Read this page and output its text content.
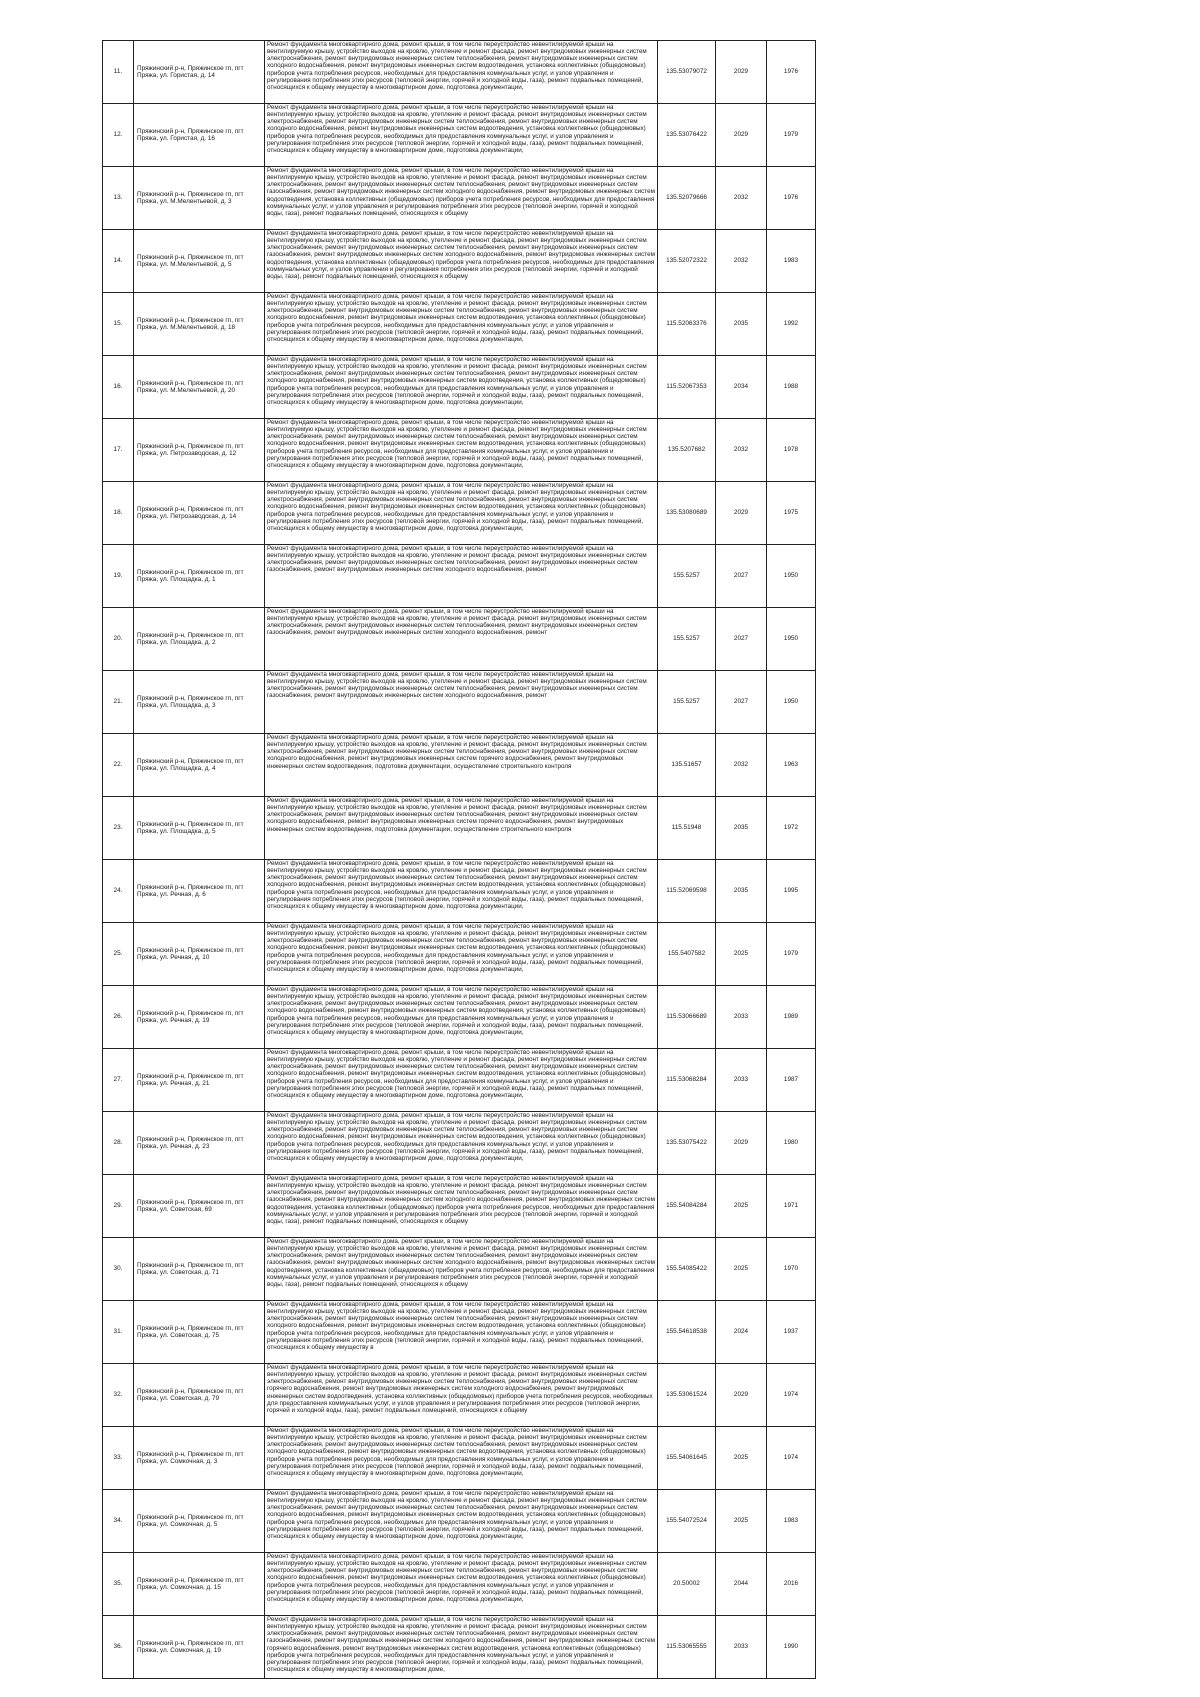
11.	Пряжинский р-н, Пряжинское гп, пгт Пряжа, ул. Гористая, д. 14	Ремонт фундамента многоквартирного дома, ремонт крыши, в том числе переустройство невентилируемой крыши на вентилируемую крышу, устройство выходов на кровлю, утепление и ремонт фасада, ремонт внутридомовых инженерных систем электроснабжения, ремонт внутридомовых инженерных систем теплоснабжения, ремонт внутридомовых инженерных систем холодного водоснабжения, ремонт внутридомовых инженерных систем водоотведения, установка коллективных (общедомовых) приборов учета потребления ресурсов, необходимых для предоставления коммунальных услуг, и узлов управления и регулирования потребления этих ресурсов (тепловой энергии, горячей и холодной воды, газа), ремонт подвальных помещений, относящихся к общему имуществу в многоквартирном доме, подготовка документации,	135.53079072	2029	1976
12.	Пряжинский р-н, Пряжинское гп, пгт Пряжа, ул. Гористая, д. 16	Ремонт фундамента многоквартирного дома, ремонт крыши, в том числе переустройство невентилируемой крыши на вентилируемую крышу, устройство выходов на кровлю, утепление и ремонт фасада, ремонт внутридомовых инженерных систем электроснабжения, ремонт внутридомовых инженерных систем теплоснабжения, ремонт внутридомовых инженерных систем холодного водоснабжения, ремонт внутридомовых инженерных систем водоотведения, установка коллективных (общедомовых) приборов учета потребления ресурсов, необходимых для предоставления коммунальных услуг, и узлов управления и регулирования потребления этих ресурсов (тепловой энергии, горячей и холодной воды, газа), ремонт подвальных помещений, относящихся к общему имуществу в многоквартирном доме, подготовка документации,	135.53076422	2029	1979
13.	Пряжинский р-н, Пряжинское гп, пгт Пряжа, ул. М.Мелентьевой, д. 3	Ремонт фундамента многоквартирного дома, ремонт крыши, в том числе переустройство невентилируемой крыши на вентилируемую крышу, устройство выходов на кровлю, утепление и ремонт фасада, ремонт внутридомовых инженерных систем электроснабжения, ремонт внутридомовых инженерных систем теплоснабжения, ремонт внутридомовых инженерных систем газоснабжения, ремонт внутридомовых инженерных систем холодного водоснабжения, ремонт внутридомовых инженерных систем водоотведения, установка коллективных (общедомовых) приборов учета потребления ресурсов, необходимых для предоставления коммунальных услуг, и узлов управления и регулирования потребления этих ресурсов (тепловой энергии, горячей и холодной воды, газа), ремонт подвальных помещений, относящихся к общему	135.52079666	2032	1976
14.	Пряжинский р-н, Пряжинское гп, пгт Пряжа, ул. М.Мелентьевой, д. 5	Ремонт фундамента многоквартирного дома, ремонт крыши, в том числе переустройство невентилируемой крыши на вентилируемую крышу, устройство выходов на кровлю, утепление и ремонт фасада, ремонт внутридомовых инженерных систем электроснабжения, ремонт внутридомовых инженерных систем теплоснабжения, ремонт внутридомовых инженерных систем газоснабжения, ремонт внутридомовых инженерных систем холодного водоснабжения, ремонт внутридомовых инженерных систем водоотведения, установка коллективных (общедомовых) приборов учета потребления ресурсов, необходимых для предоставления коммунальных услуг, и узлов управления и регулирования потребления этих ресурсов (тепловой энергии, горячей и холодной воды, газа), ремонт подвальных помещений, относящихся к общему	135.52072322	2032	1983
15.	Пряжинский р-н, Пряжинское гп, пгт Пряжа, ул. М.Мелентьевой, д. 18	Ремонт фундамента многоквартирного дома, ремонт крыши, в том числе переустройство невентилируемой крыши на вентилируемую крышу, устройство выходов на кровлю, утепление и ремонт фасада, ремонт внутридомовых инженерных систем электроснабжения, ремонт внутридомовых инженерных систем теплоснабжения, ремонт внутридомовых инженерных систем холодного водоснабжения, ремонт внутридомовых инженерных систем водоотведения, установка коллективных (общедомовых) приборов учета потребления ресурсов, необходимых для предоставления коммунальных услуг, и узлов управления и регулирования потребления этих ресурсов (тепловой энергии, горячей и холодной воды, газа), ремонт подвальных помещений, относящихся к общему имуществу в многоквартирном доме, подготовка документации,	115.52063376	2035	1992
16.	Пряжинский р-н, Пряжинское гп, пгт Пряжа, ул. М.Мелентьевой, д. 20	Ремонт фундамента многоквартирного дома, ремонт крыши, в том числе переустройство невентилируемой крыши на вентилируемую крышу, устройство выходов на кровлю, утепление и ремонт фасада, ремонт внутридомовых инженерных систем электроснабжения, ремонт внутридомовых инженерных систем теплоснабжения, ремонт внутридомовых инженерных систем холодного водоснабжения, ремонт внутридомовых инженерных систем водоотведения, установка коллективных (общедомовых) приборов учета потребления ресурсов, необходимых для предоставления коммунальных услуг, и узлов управления и регулирования потребления этих ресурсов (тепловой энергии, горячей и холодной воды, газа), ремонт подвальных помещений, относящихся к общему имуществу в многоквартирном доме, подготовка документации,	115.52067353	2034	1988
17.	Пряжинский р-н, Пряжинское гп, пгт Пряжа, ул. Петрозаводская, д. 12	Ремонт фундамента многоквартирного дома, ремонт крыши, в том числе переустройство невентилируемой крыши на вентилируемую крышу, устройство выходов на кровлю, утепление и ремонт фасада, ремонт внутридомовых инженерных систем электроснабжения, ремонт внутридомовых инженерных систем теплоснабжения, ремонт внутридомовых инженерных систем холодного водоснабжения, ремонт внутридомовых инженерных систем водоотведения, установка коллективных (общедомовых) приборов учета потребления ресурсов, необходимых для предоставления коммунальных услуг, и узлов управления и регулирования потребления этих ресурсов (тепловой энергии, горячей и холодной воды, газа), ремонт подвальных помещений, относящихся к общему имуществу в многоквартирном доме, подготовка документации,	135.5207682	2032	1978
18.	Пряжинский р-н, Пряжинское гп, пгт Пряжа, ул. Петрозаводская, д. 14	Ремонт фундамента многоквартирного дома, ремонт крыши, в том числе переустройство невентилируемой крыши на вентилируемую крышу, устройство выходов на кровлю, утепление и ремонт фасада, ремонт внутридомовых инженерных систем электроснабжения, ремонт внутридомовых инженерных систем теплоснабжения, ремонт внутридомовых инженерных систем холодного водоснабжения, ремонт внутридомовых инженерных систем водоотведения, установка коллективных (общедомовых) приборов учета потребления ресурсов, необходимых для предоставления коммунальных услуг, и узлов управления и регулирования потребления этих ресурсов (тепловой энергии, горячей и холодной воды, газа), ремонт подвальных помещений, относящихся к общему имуществу в многоквартирном доме, подготовка документации,	135.53080689	2029	1975
19.	Пряжинский р-н, Пряжинское гп, пгт Пряжа, ул. Площадка, д. 1	Ремонт фундамента многоквартирного дома, ремонт крыши, в том числе переустройство невентилируемой крыши на вентилируемую крышу, устройство выходов на кровлю, утепление и ремонт фасада, ремонт внутридомовых инженерных систем электроснабжения, ремонт внутридомовых инженерных систем теплоснабжения, ремонт внутридомовых инженерных систем газоснабжения, ремонт внутридомовых инженерных систем холодного водоснабжения, ремонт	155.5257	2027	1950
20.	Пряжинский р-н, Пряжинское гп, пгт Пряжа, ул. Площадка, д. 2	Ремонт фундамента многоквартирного дома, ремонт крыши, в том числе переустройство невентилируемой крыши на вентилируемую крышу, устройство выходов на кровлю, утепление и ремонт фасада, ремонт внутридомовых инженерных систем электроснабжения, ремонт внутридомовых инженерных систем теплоснабжения, ремонт внутридомовых инженерных систем газоснабжения, ремонт внутридомовых инженерных систем холодного водоснабжения, ремонт	155.5257	2027	1950
21.	Пряжинский р-н, Пряжинское гп, пгт Пряжа, ул. Площадка, д. 3	Ремонт фундамента многоквартирного дома, ремонт крыши, в том числе переустройство невентилируемой крыши на вентилируемую крышу, устройство выходов на кровлю, утепление и ремонт фасада, ремонт внутридомовых инженерных систем электроснабжения, ремонт внутридомовых инженерных систем теплоснабжения, ремонт внутридомовых инженерных систем газоснабжения, ремонт внутридомовых инженерных систем холодного водоснабжения, ремонт	155.5257	2027	1950
22.	Пряжинский р-н, Пряжинское гп, пгт Пряжа, ул. Площадка, д. 4	Ремонт фундамента многоквартирного дома, ремонт крыши, в том числе переустройство невентилируемой крыши на вентилируемую крышу, устройство выходов на кровлю, утепление и ремонт фасада, ремонт внутридомовых инженерных систем электроснабжения, ремонт внутридомовых инженерных систем теплоснабжения, ремонт внутридомовых инженерных систем холодного водоснабжения, ремонт внутридомовых инженерных систем горячего водоснабжения, ремонт внутридомовых инженерных систем водоотведения, подготовка документации, осуществление строительного контроля	135.51657	2032	1963
23.	Пряжинский р-н, Пряжинское гп, пгт Пряжа, ул. Площадка, д. 5	Ремонт фундамента многоквартирного дома, ремонт крыши, в том числе переустройство невентилируемой крыши на вентилируемую крышу, устройство выходов на кровлю, утепление и ремонт фасада, ремонт внутридомовых инженерных систем электроснабжения, ремонт внутридомовых инженерных систем теплоснабжения, ремонт внутридомовых инженерных систем холодного водоснабжения, ремонт внутридомовых инженерных систем горячего водоснабжения, ремонт внутридомовых инженерных систем водоотведения, подготовка документации, осуществление строительного контроля	115.51948	2035	1972
24.	Пряжинский р-н, Пряжинское гп, пгт Пряжа, ул. Речная, д. 6	Ремонт фундамента многоквартирного дома, ремонт крыши, в том числе переустройство невентилируемой крыши на вентилируемую крышу, устройство выходов на кровлю, утепление и ремонт фасада, ремонт внутридомовых инженерных систем электроснабжения, ремонт внутридомовых инженерных систем теплоснабжения, ремонт внутридомовых инженерных систем холодного водоснабжения, ремонт внутридомовых инженерных систем водоотведения, установка коллективных (общедомовых) приборов учета потребления ресурсов, необходимых для предоставления коммунальных услуг, и узлов управления и регулирования потребления этих ресурсов (тепловой энергии, горячей и холодной воды, газа), ремонт подвальных помещений, относящихся к общему имуществу в многоквартирном доме, подготовка документации,	115.52069598	2035	1995
25.	Пряжинский р-н, Пряжинское гп, пгт Пряжа, ул. Речная, д. 10	Ремонт фундамента многоквартирного дома, ремонт крыши, в том числе переустройство невентилируемой крыши на вентилируемую крышу, устройство выходов на кровлю, утепление и ремонт фасада, ремонт внутридомовых инженерных систем электроснабжения, ремонт внутридомовых инженерных систем теплоснабжения, ремонт внутридомовых инженерных систем холодного водоснабжения, ремонт внутридомовых инженерных систем водоотведения, установка коллективных (общедомовых) приборов учета потребления ресурсов, необходимых для предоставления коммунальных услуг, и узлов управления и регулирования потребления этих ресурсов (тепловой энергии, горячей и холодной воды, газа), ремонт подвальных помещений, относящихся к общему имуществу в многоквартирном доме, подготовка документации,	155.5407582	2025	1979
26.	Пряжинский р-н, Пряжинское гп, пгт Пряжа, ул. Речная, д. 19	Ремонт фундамента многоквартирного дома, ремонт крыши, в том числе переустройство невентилируемой крыши на вентилируемую крышу, устройство выходов на кровлю, утепление и ремонт фасада, ремонт внутридомовых инженерных систем электроснабжения, ремонт внутридомовых инженерных систем теплоснабжения, ремонт внутридомовых инженерных систем холодного водоснабжения, ремонт внутридомовых инженерных систем водоотведения, установка коллективных (общедомовых) приборов учета потребления ресурсов, необходимых для предоставления коммунальных услуг, и узлов управления и регулирования потребления этих ресурсов (тепловой энергии, горячей и холодной воды, газа), ремонт подвальных помещений, относящихся к общему имуществу в многоквартирном доме, подготовка документации,	115.53066689	2033	1989
27.	Пряжинский р-н, Пряжинское гп, пгт Пряжа, ул. Речная, д. 21	Ремонт фундамента многоквартирного дома, ремонт крыши, в том числе переустройство невентилируемой крыши на вентилируемую крышу, устройство выходов на кровлю, утепление и ремонт фасада, ремонт внутридомовых инженерных систем электроснабжения, ремонт внутридомовых инженерных систем теплоснабжения, ремонт внутридомовых инженерных систем холодного водоснабжения, ремонт внутридомовых инженерных систем водоотведения, установка коллективных (общедомовых) приборов учета потребления ресурсов, необходимых для предоставления коммунальных услуг, и узлов управления и регулирования потребления этих ресурсов (тепловой энергии, горячей и холодной воды, газа), ремонт подвальных помещений, относящихся к общему имуществу в многоквартирном доме, подготовка документации,	115.53068284	2033	1987
28.	Пряжинский р-н, Пряжинское гп, пгт Пряжа, ул. Речная, д. 23	Ремонт фундамента многоквартирного дома, ремонт крыши, в том числе переустройство невентилируемой крыши на вентилируемую крышу, устройство выходов на кровлю, утепление и ремонт фасада, ремонт внутридомовых инженерных систем электроснабжения, ремонт внутридомовых инженерных систем теплоснабжения, ремонт внутридомовых инженерных систем холодного водоснабжения, ремонт внутридомовых инженерных систем водоотведения, установка коллективных (общедомовых) приборов учета потребления ресурсов, необходимых для предоставления коммунальных услуг, и узлов управления и регулирования потребления этих ресурсов (тепловой энергии, горячей и холодной воды, газа), ремонт подвальных помещений, относящихся к общему имуществу в многоквартирном доме, подготовка документации,	135.53075422	2029	1980
29.	Пряжинский р-н, Пряжинское гп, пгт Пряжа, ул. Советская, 69	Ремонт фундамента многоквартирного дома, ремонт крыши, в том числе переустройство невентилируемой крыши на вентилируемую крышу, устройство выходов на кровлю, утепление и ремонт фасада, ремонт внутридомовых инженерных систем электроснабжения, ремонт внутридомовых инженерных систем теплоснабжения, ремонт внутридомовых инженерных систем газоснабжения, ремонт внутридомовых инженерных систем холодного водоснабжения, ремонт внутридомовых инженерных систем водоотведения, установка коллективных (общедомовых) приборов учета потребления ресурсов, необходимых для предоставления коммунальных услуг, и узлов управления и регулирования потребления этих ресурсов (тепловой энергии, горячей и холодной воды, газа), ремонт подвальных помещений, относящихся к общему	155.54084284	2025	1971
30.	Пряжинский р-н, Пряжинское гп, пгт Пряжа, ул. Советская, д. 71	Ремонт фундамента многоквартирного дома, ремонт крыши, в том числе переустройство невентилируемой крыши на вентилируемую крышу, устройство выходов на кровлю, утепление и ремонт фасада, ремонт внутридомовых инженерных систем электроснабжения, ремонт внутридомовых инженерных систем теплоснабжения, ремонт внутридомовых инженерных систем газоснабжения, ремонт внутридомовых инженерных систем холодного водоснабжения, ремонт внутридомовых инженерных систем водоотведения, установка коллективных (общедомовых) приборов учета потребления ресурсов, необходимых для предоставления коммунальных услуг, и узлов управления и регулирования потребления этих ресурсов (тепловой энергии, горячей и холодной воды, газа), ремонт подвальных помещений, относящихся к общему	155.54085422	2025	1970
31.	Пряжинский р-н, Пряжинское гп, пгт Пряжа, ул. Советская, д. 75	Ремонт фундамента многоквартирного дома, ремонт крыши, в том числе переустройство невентилируемой крыши на вентилируемую крышу, устройство выходов на кровлю, утепление и ремонт фасада, ремонт внутридомовых инженерных систем электроснабжения, ремонт внутридомовых инженерных систем теплоснабжения, ремонт внутридомовых инженерных систем холодного водоснабжения, ремонт внутридомовых инженерных систем водоотведения, установка коллективных (общедомовых) приборов учета потребления ресурсов, необходимых для предоставления коммунальных услуг, и узлов управления и регулирования потребления этих ресурсов (тепловой энергии, горячей и холодной воды, газа), ремонт подвальных помещений, относящихся к общему имуществу в	155.54618538	2024	1937
32.	Пряжинский р-н, Пряжинское гп, пгт Пряжа, ул. Советская, д. 79	Ремонт фундамента многоквартирного дома, ремонт крыши, в том числе переустройство невентилируемой крыши на вентилируемую крышу, устройство выходов на кровлю, утепление и ремонт фасада, ремонт внутридомовых инженерных систем электроснабжения, ремонт внутридомовых инженерных систем теплоснабжения, ремонт внутридомовых инженерных систем горячего водоснабжения, ремонт внутридомовых инженерных систем холодного водоснабжения, ремонт внутридомовых инженерных систем водоотведения, установка коллективных (общедомовых) приборов учета потребления ресурсов, необходимых для предоставления коммунальных услуг, и узлов управления и регулирования потребления этих ресурсов (тепловой энергии, горячей и холодной воды, газа), ремонт подвальных помещений, относящихся к общему	135.53061524	2029	1974
33.	Пряжинский р-н, Пряжинское гп, пгт Пряжа, ул. Сомкочная, д. 3	Ремонт фундамента многоквартирного дома, ремонт крыши, в том числе переустройство невентилируемой крыши на вентилируемую крышу, устройство выходов на кровлю, утепление и ремонт фасада, ремонт внутридомовых инженерных систем электроснабжения, ремонт внутридомовых инженерных систем теплоснабжения, ремонт внутридомовых инженерных систем холодного водоснабжения, ремонт внутридомовых инженерных систем водоотведения, установка коллективных (общедомовых) приборов учета потребления ресурсов, необходимых для предоставления коммунальных услуг, и узлов управления и регулирования потребления этих ресурсов (тепловой энергии, горячей и холодной воды, газа), ремонт подвальных помещений, относящихся к общему имуществу в многоквартирном доме, подготовка документации,	155.54061645	2025	1974
34.	Пряжинский р-н, Пряжинское гп, пгт Пряжа, ул. Сомкочная, д. 5	Ремонт фундамента многоквартирного дома, ремонт крыши, в том числе переустройство невентилируемой крыши на вентилируемую крышу, устройство выходов на кровлю, утепление и ремонт фасада, ремонт внутридомовых инженерных систем электроснабжения, ремонт внутридомовых инженерных систем теплоснабжения, ремонт внутридомовых инженерных систем холодного водоснабжения, ремонт внутридомовых инженерных систем водоотведения, установка коллективных (общедомовых) приборов учета потребления ресурсов, необходимых для предоставления коммунальных услуг, и узлов управления и регулирования потребления этих ресурсов (тепловой энергии, горячей и холодной воды, газа), ремонт подвальных помещений, относящихся к общему имуществу в многоквартирном доме, подготовка документации,	155.54072524	2025	1983
35.	Пряжинский р-н, Пряжинское гп, пгт Пряжа, ул. Сомкочная, д. 15	Ремонт фундамента многоквартирного дома, ремонт крыши, в том числе переустройство невентилируемой крыши на вентилируемую крышу, устройство выходов на кровлю, утепление и ремонт фасада, ремонт внутридомовых инженерных систем электроснабжения, ремонт внутридомовых инженерных систем теплоснабжения, ремонт внутридомовых инженерных систем холодного водоснабжения, ремонт внутридомовых инженерных систем водоотведения, установка коллективных (общедомовых) приборов учета потребления ресурсов, необходимых для предоставления коммунальных услуг, и узлов управления и регулирования потребления этих ресурсов (тепловой энергии, горячей и холодной воды, газа), ремонт подвальных помещений, относящихся к общему имуществу в многоквартирном доме, подготовка документации,	20.50002	2044	2016
36.	Пряжинский р-н, Пряжинское гп, пгт Пряжа, ул. Сомкочная, д. 19	Ремонт фундамента многоквартирного дома, ремонт крыши, в том числе переустройство невентилируемой крыши на вентилируемую крышу, устройство выходов на кровлю, утепление и ремонт фасада, ремонт внутридомовых инженерных систем электроснабжения, ремонт внутридомовых инженерных систем теплоснабжения, ремонт внутридомовых инженерных систем газоснабжения, ремонт внутридомовых инженерных систем холодного водоснабжения, ремонт внутридомовых инженерных систем горячего водоснабжения, ремонт внутридомовых инженерных систем водоотведения, установка коллективных (общедомовых) приборов учета потребления ресурсов, необходимых для предоставления коммунальных услуг, и узлов управления и регулирования потребления этих ресурсов (тепловой энергии, горячей и холодной воды, газа), ремонт подвальных помещений, относящихся к общему имуществу в многоквартирном доме,	115.53065555	2033	1990
